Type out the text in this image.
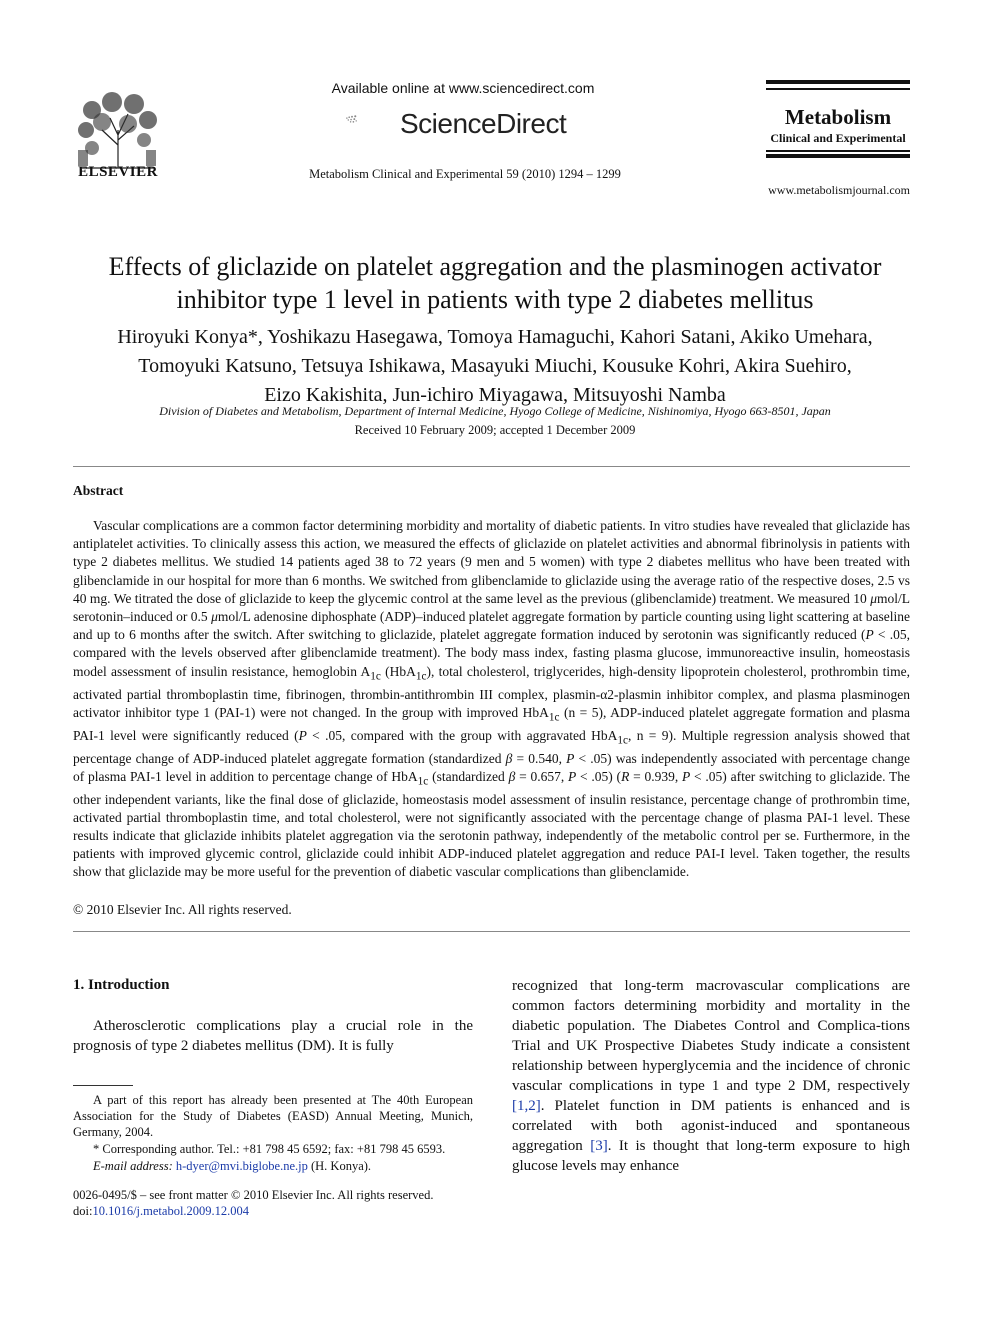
ELSEVIER
Available online at www.sciencedirect.com
ScienceDirect
Metabolism Clinical and Experimental 59 (2010) 1294 – 1299
Metabolism
Clinical and Experimental
www.metabolismjournal.com
Effects of gliclazide on platelet aggregation and the plasminogen activator
inhibitor type 1 level in patients with type 2 diabetes mellitus
Hiroyuki Konya*, Yoshikazu Hasegawa, Tomoya Hamaguchi, Kahori Satani, Akiko Umehara,
Tomoyuki Katsuno, Tetsuya Ishikawa, Masayuki Miuchi, Kousuke Kohri, Akira Suehiro,
Eizo Kakishita, Jun-ichiro Miyagawa, Mitsuyoshi Namba
Division of Diabetes and Metabolism, Department of Internal Medicine, Hyogo College of Medicine, Nishinomiya, Hyogo 663-8501, Japan
Received 10 February 2009; accepted 1 December 2009
Abstract
Vascular complications are a common factor determining morbidity and mortality of diabetic patients. In vitro studies have revealed that gliclazide has antiplatelet activities. To clinically assess this action, we measured the effects of gliclazide on platelet activities and abnormal fibrinolysis in patients with type 2 diabetes mellitus. We studied 14 patients aged 38 to 72 years (9 men and 5 women) with type 2 diabetes mellitus who have been treated with glibenclamide in our hospital for more than 6 months. We switched from glibenclamide to gliclazide using the average ratio of the respective doses, 2.5 vs 40 mg. We titrated the dose of gliclazide to keep the glycemic control at the same level as the previous (glibenclamide) treatment. We measured 10 μmol/L serotonin–induced or 0.5 μmol/L adenosine diphosphate (ADP)–induced platelet aggregate formation by particle counting using light scattering at baseline and up to 6 months after the switch. After switching to gliclazide, platelet aggregate formation induced by serotonin was significantly reduced (P < .05, compared with the levels observed after glibenclamide treatment). The body mass index, fasting plasma glucose, immunoreactive insulin, homeostasis model assessment of insulin resistance, hemoglobin $A_{1c}$ (HbA$_{1c}$), total cholesterol, triglycerides, high-density lipoprotein cholesterol, prothrombin time, activated partial thromboplastin time, fibrinogen, thrombin-antithrombin III complex, plasmin-α2-plasmin inhibitor complex, and plasma plasminogen activator inhibitor type 1 (PAI-1) were not changed. In the group with improved HbA$_{1c}$ (n = 5), ADP-induced platelet aggregate formation and plasma PAI-1 level were significantly reduced (P < .05, compared with the group with aggravated HbA$_{1c}$, n = 9). Multiple regression analysis showed that percentage change of ADP-induced platelet aggregate formation (standardized β = 0.540, P < .05) was independently associated with percentage change of plasma PAI-1 level in addition to percentage change of HbA$_{1c}$ (standardized β = 0.657, P < .05) (R = 0.939, P < .05) after switching to gliclazide. The other independent variants, like the final dose of gliclazide, homeostasis model assessment of insulin resistance, percentage change of prothrombin time, activated partial thromboplastin time, and total cholesterol, were not significantly associated with the percentage change of plasma PAI-1 level. These results indicate that gliclazide inhibits platelet aggregation via the serotonin pathway, independently of the metabolic control per se. Furthermore, in the patients with improved glycemic control, gliclazide could inhibit ADP-induced platelet aggregation and reduce PAI-I level. Taken together, the results show that gliclazide may be more useful for the prevention of diabetic vascular complications than glibenclamide.
© 2010 Elsevier Inc. All rights reserved.
1. Introduction
Atherosclerotic complications play a crucial role in the prognosis of type 2 diabetes mellitus (DM). It is fully
A part of this report has already been presented at The 40th European Association for the Study of Diabetes (EASD) Annual Meeting, Munich, Germany, 2004.
* Corresponding author. Tel.: +81 798 45 6592; fax: +81 798 45 6593.
E-mail address: h-dyer@mvi.biglobe.ne.jp (H. Konya).
0026-0495/$ – see front matter © 2010 Elsevier Inc. All rights reserved.
doi:10.1016/j.metabol.2009.12.004
recognized that long-term macrovascular complications are common factors determining morbidity and mortality in the diabetic population. The Diabetes Control and Complica-tions Trial and UK Prospective Diabetes Study indicate a consistent relationship between hyperglycemia and the incidence of chronic vascular complications in type 1 and type 2 DM, respectively [1,2]. Platelet function in DM patients is enhanced and is correlated with both agonist-induced and spontaneous aggregation [3]. It is thought that long-term exposure to high glucose levels may enhance
